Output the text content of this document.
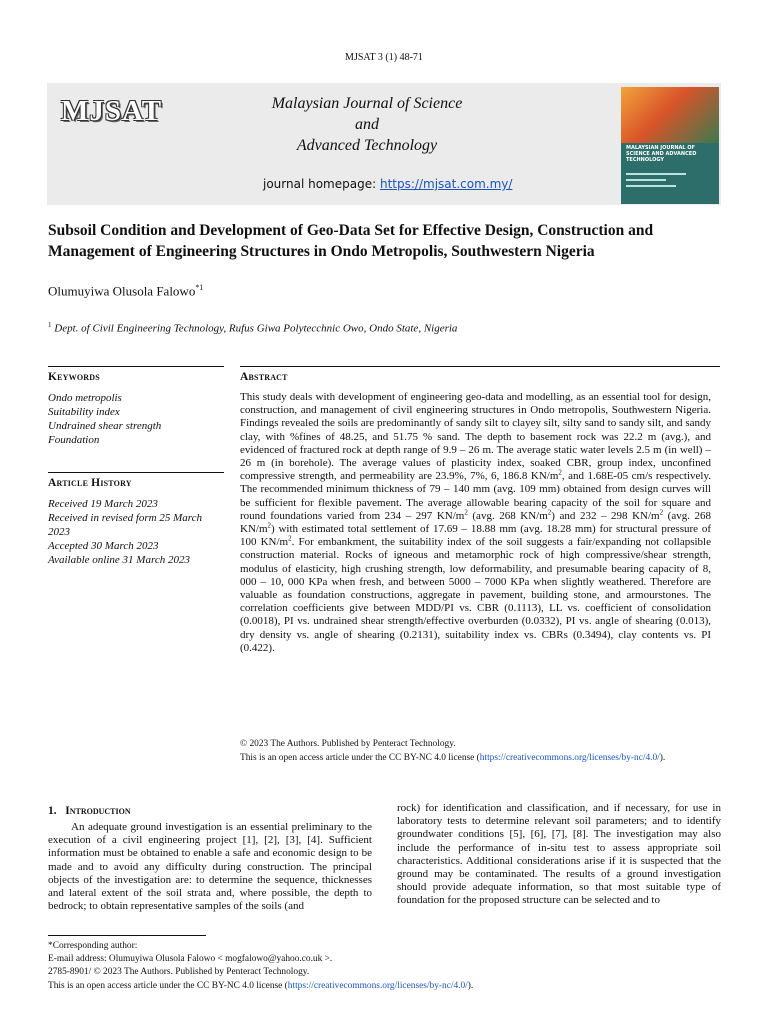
MJSAT 3 (1) 48-71
MJSAT	Malaysian Journal of Science
and
Advanced Technology
journal homepage: https://mjsat.com.my/
MALAYSIAN JOURNAL OF SCIENCE AND ADVANCED TECHNOLOGY
Subsoil Condition and Development of Geo-Data Set for Effective Design, Construction and Management of Engineering Structures in Ondo Metropolis, Southwestern Nigeria
Olumuyiwa Olusola Falowo$^{*1}$
$^1$ Dept. of Civil Engineering Technology, Rufus Giwa Polytecchnic Owo, Ondo State, Nigeria
Keywords
Ondo metropolis
Suitability index
Undrained shear strength
Foundation
Article History
Received 19 March 2023
Received in revised form 25 March 2023
Accepted 30 March 2023
Available online 31 March 2023
Abstract
This study deals with development of engineering geo-data and modelling, as an essential tool for design, construction, and management of civil engineering structures in Ondo metropolis, Southwestern Nigeria. Findings revealed the soils are predominantly of sandy silt to clayey silt, silty sand to sandy silt, and sandy clay, with %fines of 48.25, and 51.75 % sand. The depth to basement rock was 22.2 m (avg.), and evidenced of fractured rock at depth range of 9.9 – 26 m. The average static water levels 2.5 m (in well) – 26 m (in borehole). The average values of plasticity index, soaked CBR, group index, unconfined compressive strength, and permeability are 23.9%, 7%, 6, 186.8 $KN/m^2$, and 1.68E-05 cm/s respectively. The recommended minimum thickness of 79 – 140 mm (avg. 109 mm) obtained from design curves will be sufficient for flexible pavement. The average allowable bearing capacity of the soil for square and round foundations varied from 234 – 297 $KN/m^2$ (avg. 268 $KN/m^2$) and 232 – 298 $KN/m^2$ (avg. 268 $KN/m^2$) with estimated total settlement of 17.69 – 18.88 mm (avg. 18.28 mm) for structural pressure of 100 $KN/m^2$. For embankment, the suitability index of the soil suggests a fair/expanding not collapsible construction material. Rocks of igneous and metamorphic rock of high compressive/shear strength, modulus of elasticity, high crushing strength, low deformability, and presumable bearing capacity of 8, 000 – 10, 000 KPa when fresh, and between 5000 – 7000 KPa when slightly weathered. Therefore are valuable as foundation constructions, aggregate in pavement, building stone, and armourstones. The correlation coefficients give between MDD/PI vs. CBR (0.1113), LL vs. coefficient of consolidation (0.0018), PI vs. undrained shear strength/effective overburden (0.0332), PI vs. angle of shearing (0.013), dry density vs. angle of shearing (0.2131), suitability index vs. CBRs (0.3494), clay contents vs. PI (0.422).
© 2023 The Authors. Published by Penteract Technology.
This is an open access article under the CC BY-NC 4.0 license (https://creativecommons.org/licenses/by-nc/4.0/).
1. Introduction
An adequate ground investigation is an essential preliminary to the execution of a civil engineering project [1], [2], [3], [4]. Sufficient information must be obtained to enable a safe and economic design to be made and to avoid any difficulty during construction. The principal objects of the investigation are: to determine the sequence, thicknesses and lateral extent of the soil strata and, where possible, the depth to bedrock; to obtain representative samples of the soils (and
rock) for identification and classification, and if necessary, for use in laboratory tests to determine relevant soil parameters; and to identify groundwater conditions [5], [6], [7], [8]. The investigation may also include the performance of in-situ test to assess appropriate soil characteristics. Additional considerations arise if it is suspected that the ground may be contaminated. The results of a ground investigation should provide adequate information, so that most suitable type of foundation for the proposed structure can be selected and to
*Corresponding author:
E-mail address: Olumuyiwa Olusola Falowo < mogfalowo@yahoo.co.uk >.
2785-8901/ © 2023 The Authors. Published by Penteract Technology.
This is an open access article under the CC BY-NC 4.0 license (https://creativecommons.org/licenses/by-nc/4.0/).
